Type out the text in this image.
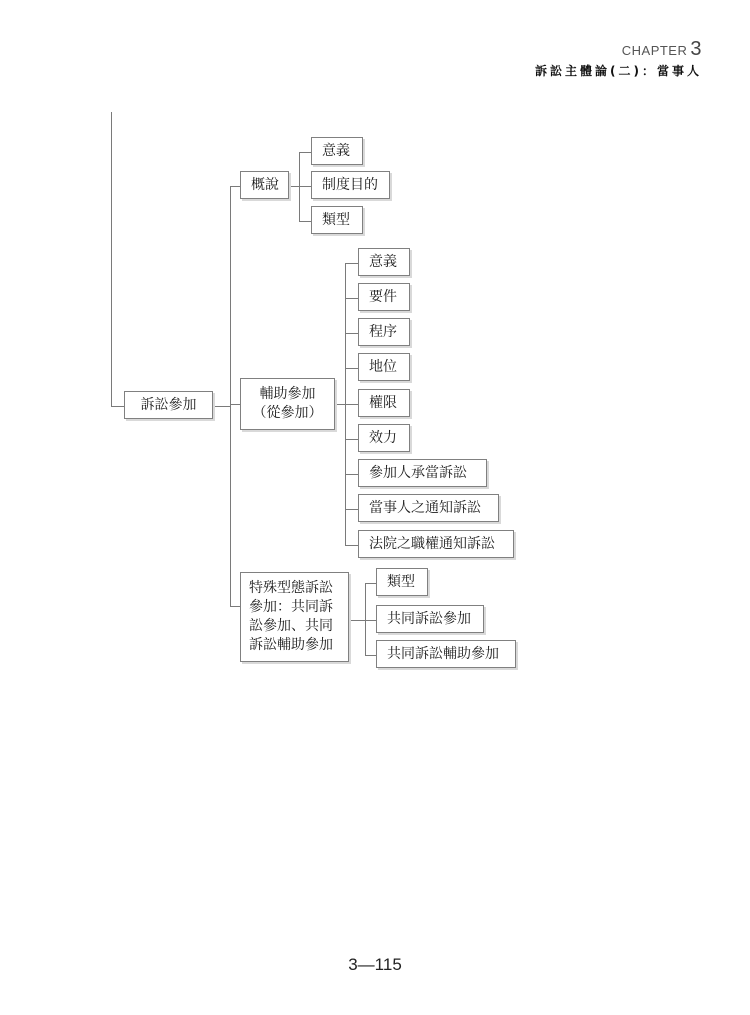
CHAPTER 3
訴訟主體論(二)：當事人
訴訟參加
概說
輔助參加
（從參加）
特殊型態訴訟
參加：共同訴
訟參加、共同
訴訟輔助參加
意義
制度目的
類型
意義
要件
程序
地位
權限
效力
參加人承當訴訟
當事人之通知訴訟
法院之職權通知訴訟
類型
共同訴訟參加
共同訴訟輔助參加
3—115
